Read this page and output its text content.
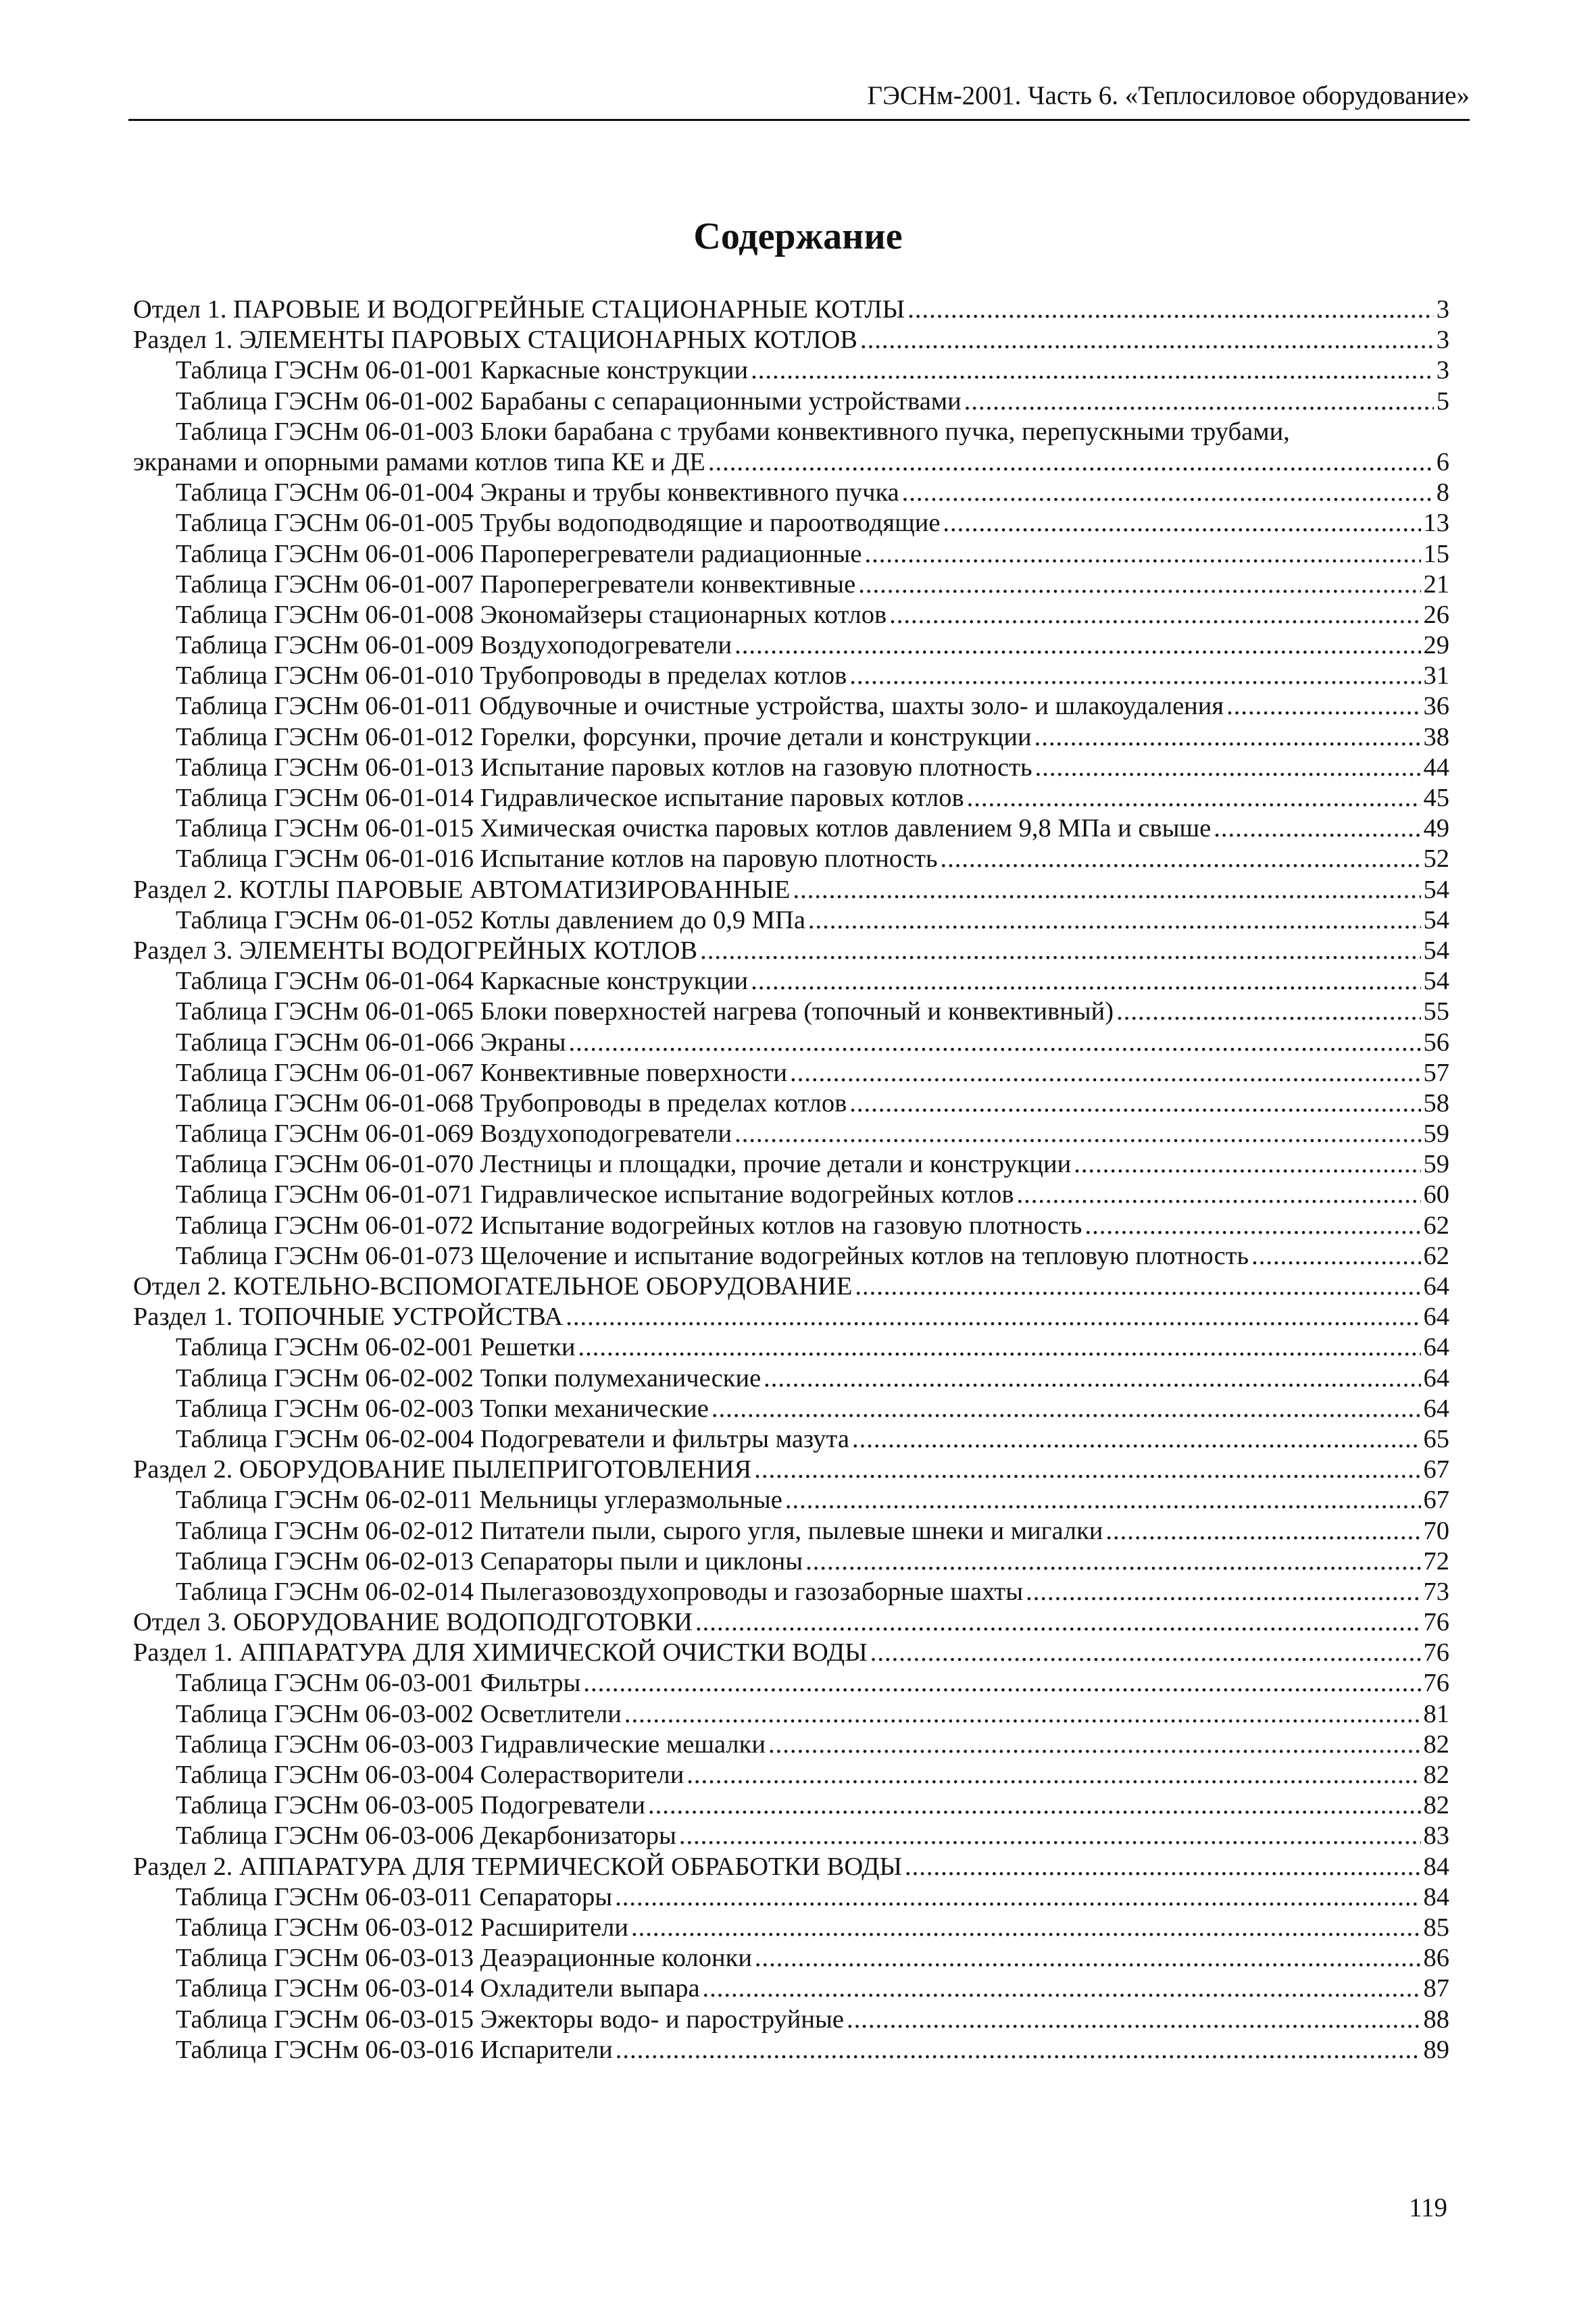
ГЭСНм-2001. Часть 6. «Теплосиловое оборудование»
Содержание
Отдел 1. ПАРОВЫЕ И ВОДОГРЕЙНЫЕ СТАЦИОНАРНЫЕ КОТЛЫ .....	3
Раздел 1. ЭЛЕМЕНТЫ ПАРОВЫХ СТАЦИОНАРНЫХ КОТЛОВ .....	3
Таблица ГЭСНм 06-01-001 Каркасные конструкции .....	3
Таблица ГЭСНм 06-01-002 Барабаны с сепарационными устройствами .....	5
Таблица ГЭСНм 06-01-003 Блоки барабана с трубами конвективного пучка, перепускными трубами,
экранами и опорными рамами котлов типа КЕ и ДЕ .....	6
Таблица ГЭСНм 06-01-004 Экраны и трубы конвективного пучка .....	8
Таблица ГЭСНм 06-01-005 Трубы водоподводящие и пароотводящие .....	13
Таблица ГЭСНм 06-01-006 Пароперегреватели радиационные .....	15
Таблица ГЭСНм 06-01-007 Пароперегреватели конвективные .....	21
Таблица ГЭСНм 06-01-008 Экономайзеры стационарных котлов .....	26
Таблица ГЭСНм 06-01-009 Воздухоподогреватели .....	29
Таблица ГЭСНм 06-01-010 Трубопроводы в пределах котлов .....	31
Таблица ГЭСНм 06-01-011 Обдувочные и очистные устройства, шахты золо- и шлакоудаления .....	36
Таблица ГЭСНм 06-01-012 Горелки, форсунки, прочие детали и конструкции .....	38
Таблица ГЭСНм 06-01-013 Испытание паровых котлов на газовую плотность .....	44
Таблица ГЭСНм 06-01-014 Гидравлическое испытание паровых котлов .....	45
Таблица ГЭСНм 06-01-015 Химическая очистка паровых котлов давлением 9,8 МПа и свыше .....	49
Таблица ГЭСНм 06-01-016 Испытание котлов на паровую плотность .....	52
Раздел 2. КОТЛЫ ПАРОВЫЕ АВТОМАТИЗИРОВАННЫЕ .....	54
Таблица ГЭСНм 06-01-052 Котлы давлением до 0,9 МПа .....	54
Раздел 3. ЭЛЕМЕНТЫ ВОДОГРЕЙНЫХ КОТЛОВ .....	54
Таблица ГЭСНм 06-01-064 Каркасные конструкции .....	54
Таблица ГЭСНм 06-01-065 Блоки поверхностей нагрева (топочный и конвективный) .....	55
Таблица ГЭСНм 06-01-066 Экраны .....	56
Таблица ГЭСНм 06-01-067 Конвективные поверхности .....	57
Таблица ГЭСНм 06-01-068 Трубопроводы в пределах котлов .....	58
Таблица ГЭСНм 06-01-069 Воздухоподогреватели .....	59
Таблица ГЭСНм 06-01-070 Лестницы и площадки, прочие детали и конструкции .....	59
Таблица ГЭСНм 06-01-071 Гидравлическое испытание водогрейных котлов .....	60
Таблица ГЭСНм 06-01-072 Испытание водогрейных котлов на газовую плотность .....	62
Таблица ГЭСНм 06-01-073 Щелочение и испытание водогрейных котлов на тепловую плотность .....	62
Отдел 2. КОТЕЛЬНО-ВСПОМОГАТЕЛЬНОЕ ОБОРУДОВАНИЕ .....	64
Раздел 1. ТОПОЧНЫЕ УСТРОЙСТВА .....	64
Таблица ГЭСНм 06-02-001 Решетки .....	64
Таблица ГЭСНм 06-02-002 Топки полумеханические .....	64
Таблица ГЭСНм 06-02-003 Топки механические .....	64
Таблица ГЭСНм 06-02-004 Подогреватели и фильтры мазута .....	65
Раздел 2. ОБОРУДОВАНИЕ ПЫЛЕПРИГОТОВЛЕНИЯ .....	67
Таблица ГЭСНм 06-02-011 Мельницы углеразмольные .....	67
Таблица ГЭСНм 06-02-012 Питатели пыли, сырого угля, пылевые шнеки и мигалки .....	70
Таблица ГЭСНм 06-02-013 Сепараторы пыли и циклоны .....	72
Таблица ГЭСНм 06-02-014 Пылегазовоздухопроводы и газозаборные шахты .....	73
Отдел 3. ОБОРУДОВАНИЕ ВОДОПОДГОТОВКИ .....	76
Раздел 1. АППАРАТУРА ДЛЯ ХИМИЧЕСКОЙ ОЧИСТКИ ВОДЫ .....	76
Таблица ГЭСНм 06-03-001 Фильтры .....	76
Таблица ГЭСНм 06-03-002 Осветлители .....	81
Таблица ГЭСНм 06-03-003 Гидравлические мешалки .....	82
Таблица ГЭСНм 06-03-004 Солерастворители .....	82
Таблица ГЭСНм 06-03-005 Подогреватели .....	82
Таблица ГЭСНм 06-03-006 Декарбонизаторы .....	83
Раздел 2. АППАРАТУРА ДЛЯ ТЕРМИЧЕСКОЙ ОБРАБОТКИ ВОДЫ .....	84
Таблица ГЭСНм 06-03-011 Сепараторы .....	84
Таблица ГЭСНм 06-03-012 Расширители .....	85
Таблица ГЭСНм 06-03-013 Деаэрационные колонки .....	86
Таблица ГЭСНм 06-03-014 Охладители выпара .....	87
Таблица ГЭСНм 06-03-015 Эжекторы водо- и пароструйные .....	88
Таблица ГЭСНм 06-03-016 Испарители .....	89
119
